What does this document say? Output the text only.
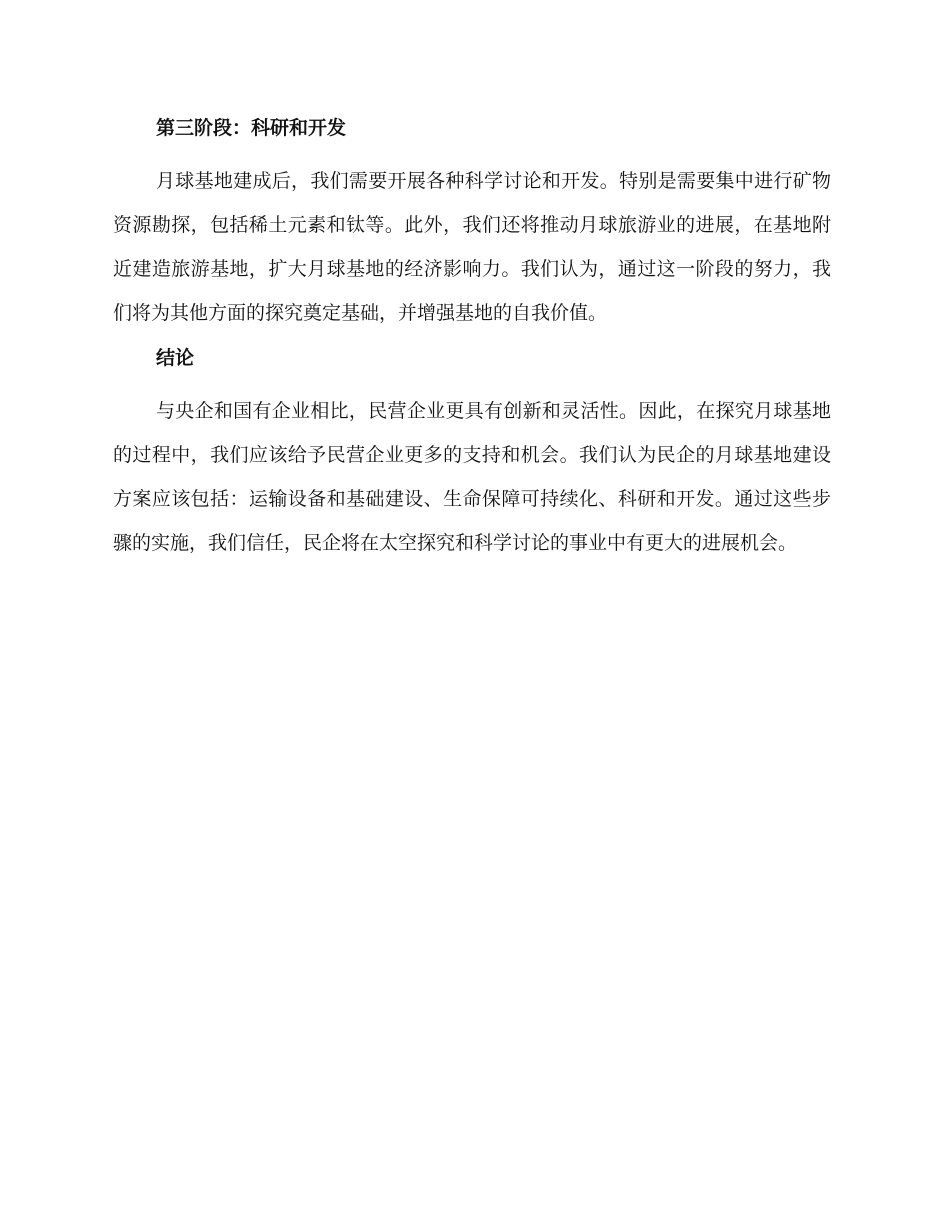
第三阶段：科研和开发

月球基地建成后，我们需要开展各种科学讨论和开发。特别是需要集中进行矿物资源勘探，包括稀土元素和钛等。此外，我们还将推动月球旅游业的进展，在基地附近建造旅游基地，扩大月球基地的经济影响力。我们认为，通过这一阶段的努力，我们将为其他方面的探究奠定基础，并增强基地的自我价值。

结论

与央企和国有企业相比，民营企业更具有创新和灵活性。因此，在探究月球基地的过程中，我们应该给予民营企业更多的支持和机会。我们认为民企的月球基地建设方案应该包括：运输设备和基础建设、生命保障可持续化、科研和开发。通过这些步骤的实施，我们信任，民企将在太空探究和科学讨论的事业中有更大的进展机会。
